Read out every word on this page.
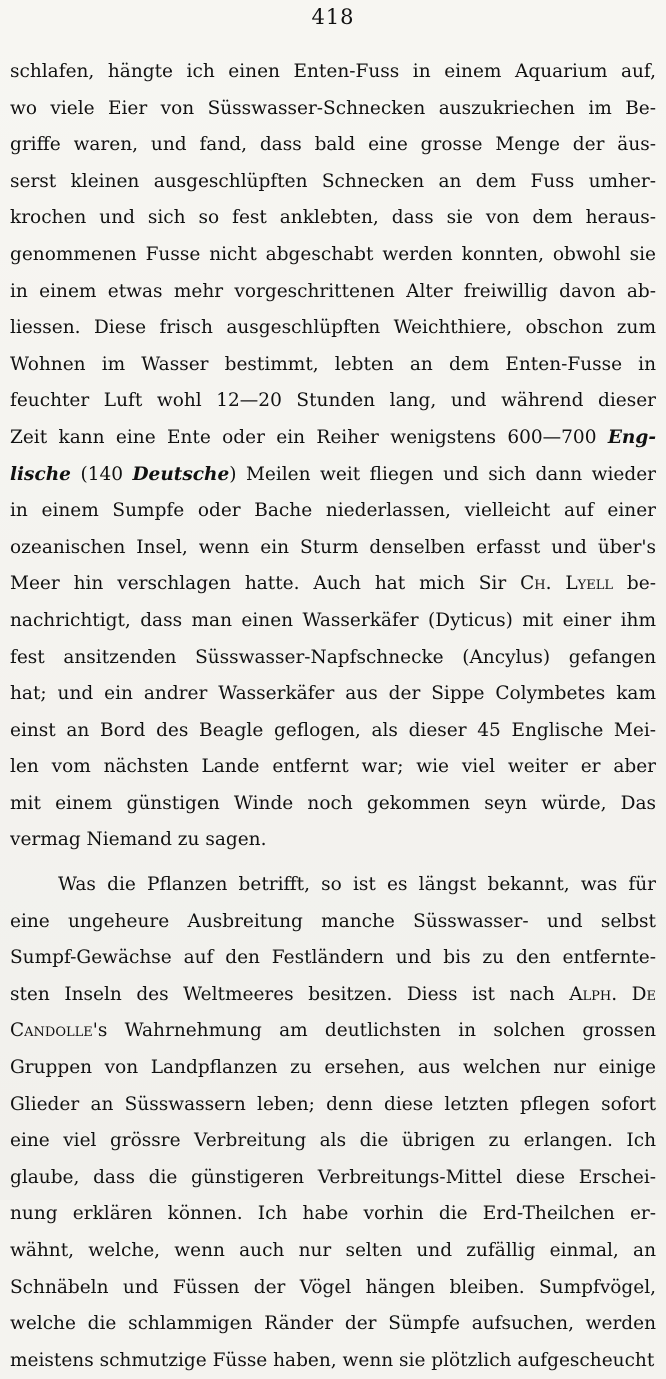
418
schlafen, hängte ich einen Enten-Fuss in einem Aquarium auf,
wo viele Eier von Süsswasser-Schnecken auszukriechen im Be-
griffe waren, und fand, dass bald eine grosse Menge der äus-
serst kleinen ausgeschlüpften Schnecken an dem Fuss umher-
krochen und sich so fest anklebten, dass sie von dem heraus-
genommenen Fusse nicht abgeschabt werden konnten, obwohl sie
in einem etwas mehr vorgeschrittenen Alter freiwillig davon ab-
liessen. Diese frisch ausgeschlüpften Weichthiere, obschon zum
Wohnen im Wasser bestimmt, lebten an dem Enten-Fusse in
feuchter Luft wohl 12—20 Stunden lang, und während dieser
Zeit kann eine Ente oder ein Reiher wenigstens 600—700 Eng-
lische (140 Deutsche) Meilen weit fliegen und sich dann wieder
in einem Sumpfe oder Bache niederlassen, vielleicht auf einer
ozeanischen Insel, wenn ein Sturm denselben erfasst und über's
Meer hin verschlagen hatte. Auch hat mich Sir Ch. Lyell be-
nachrichtigt, dass man einen Wasserkäfer (Dyticus) mit einer ihm
fest ansitzenden Süsswasser-Napfschnecke (Ancylus) gefangen
hat; und ein andrer Wasserkäfer aus der Sippe Colymbetes kam
einst an Bord des Beagle geflogen, als dieser 45 Englische Mei-
len vom nächsten Lande entfernt war; wie viel weiter er aber
mit einem günstigen Winde noch gekommen seyn würde, Das
vermag Niemand zu sagen.
Was die Pflanzen betrifft, so ist es längst bekannt, was für
eine ungeheure Ausbreitung manche Süsswasser- und selbst
Sumpf-Gewächse auf den Festländern und bis zu den entfernte-
sten Inseln des Weltmeeres besitzen. Diess ist nach Alph. De
Candolle's Wahrnehmung am deutlichsten in solchen grossen
Gruppen von Landpflanzen zu ersehen, aus welchen nur einige
Glieder an Süsswassern leben; denn diese letzten pflegen sofort
eine viel grössre Verbreitung als die übrigen zu erlangen. Ich
glaube, dass die günstigeren Verbreitungs-Mittel diese Erschei-
nung erklären können. Ich habe vorhin die Erd-Theilchen er-
wähnt, welche, wenn auch nur selten und zufällig einmal, an
Schnäbeln und Füssen der Vögel hängen bleiben. Sumpfvögel,
welche die schlammigen Ränder der Sümpfe aufsuchen, werden
meistens schmutzige Füsse haben, wenn sie plötzlich aufgescheucht
